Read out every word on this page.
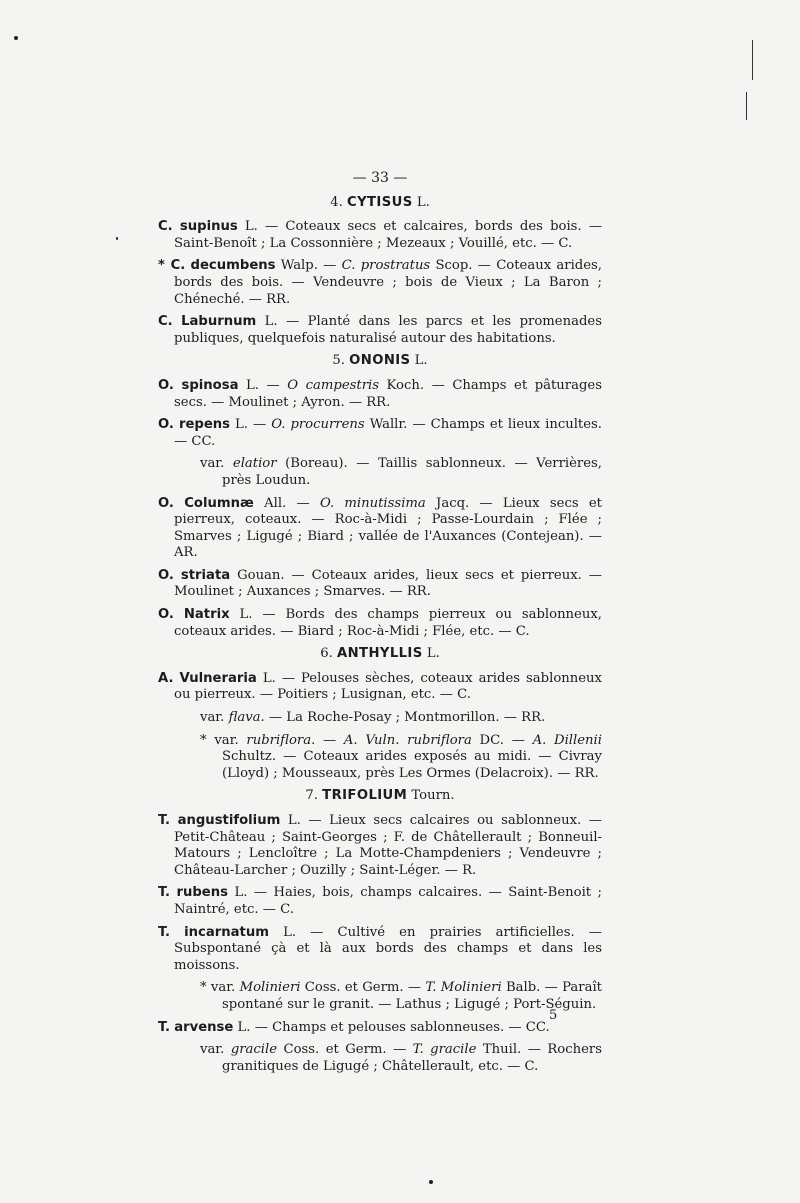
— 33 —
4. CYTISUS L.

C. supinus L. — Coteaux secs et calcaires, bords des bois. — Saint-Benoît ; La Cossonnière ; Mezeaux ; Vouillé, etc. — C.

* C. decumbens Walp. — C. prostratus Scop. — Coteaux arides, bords des bois. — Vendeuvre ; bois de Vieux ; La Baron ; Chéneché. — RR.

C. Laburnum L. — Planté dans les parcs et les promenades publiques, quelquefois naturalisé autour des habitations.

5. ONONIS L.

O. spinosa L. — O campestris Koch. — Champs et pâturages secs. — Moulinet ; Ayron. — RR.

O. repens L. — O. procurrens Wallr. — Champs et lieux incultes. — CC.

var. elatior (Boreau). — Taillis sablonneux. — Verrières, près Loudun.

O. Columnæ All. — O. minutissima Jacq. — Lieux secs et pierreux, coteaux. — Roc-à-Midi ; Passe-Lourdain ; Flée ; Smarves ; Ligugé ; Biard ; vallée de l'Auxances (Contejean). — AR.

O. striata Gouan. — Coteaux arides, lieux secs et pierreux. — Moulinet ; Auxances ; Smarves. — RR.

O. Natrix L. — Bords des champs pierreux ou sablonneux, coteaux arides. — Biard ; Roc-à-Midi ; Flée, etc. — C.

6. ANTHYLLIS L.

A. Vulneraria L. — Pelouses sèches, coteaux arides sablonneux ou pierreux. — Poitiers ; Lusignan, etc. — C.

var. flava. — La Roche-Posay ; Montmorillon. — RR.

* var. rubriflora. — A. Vuln. rubriflora DC. — A. Dillenii Schultz. — Coteaux arides exposés au midi. — Civray (Lloyd) ; Mousseaux, près Les Ormes (Delacroix). — RR.

7. TRIFOLIUM Tourn.

T. angustifolium L. — Lieux secs calcaires ou sablonneux. — Petit-Château ; Saint-Georges ; F. de Châtellerault ; Bonneuil-Matours ; Lencloître ; La Motte-Champdeniers ; Vendeuvre ; Château-Larcher ; Ouzilly ; Saint-Léger. — R.

T. rubens L. — Haies, bois, champs calcaires. — Saint-Benoit ; Naintré, etc. — C.

T. incarnatum L. — Cultivé en prairies artificielles. — Subspontané çà et là aux bords des champs et dans les moissons.

* var. Molinieri Coss. et Germ. — T. Molinieri Balb. — Paraît spontané sur le granit. — Lathus ; Ligugé ; Port-Séguin.

T. arvense L. — Champs et pelouses sablonneuses. — CC.

var. gracile Coss. et Germ. — T. gracile Thuil. — Rochers granitiques de Ligugé ; Châtellerault, etc. — C.

5
